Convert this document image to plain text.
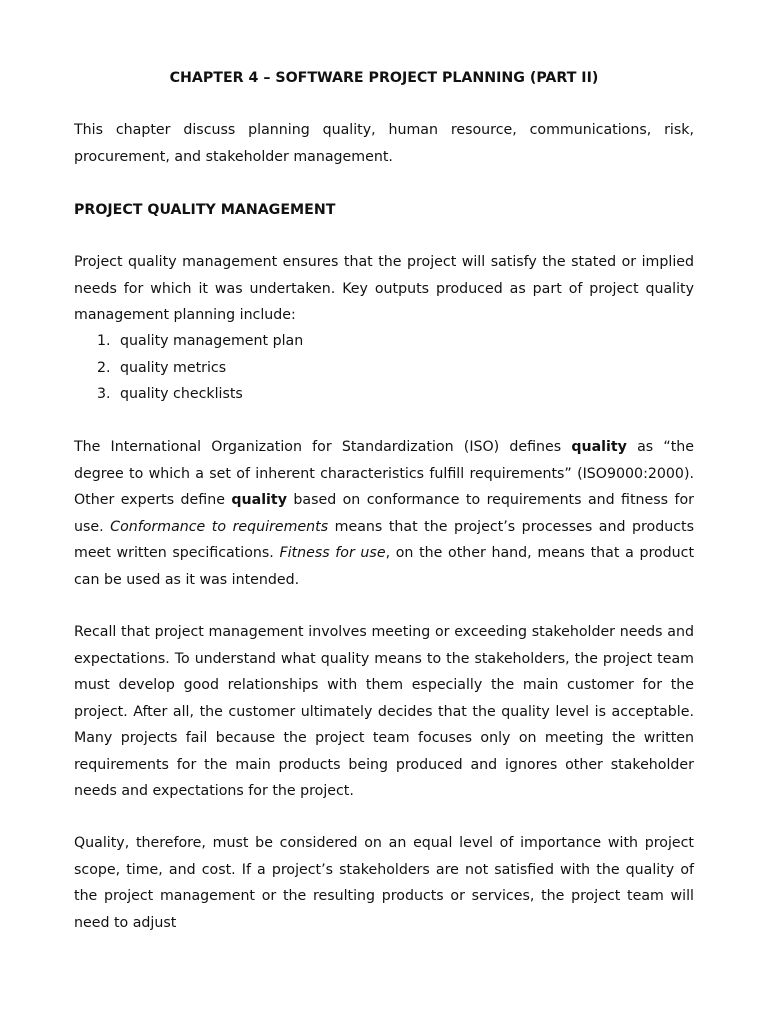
CHAPTER 4 – SOFTWARE PROJECT PLANNING (PART II)

This chapter discuss planning quality, human resource, communications, risk, procurement, and stakeholder management.

PROJECT QUALITY MANAGEMENT

Project quality management ensures that the project will satisfy the stated or implied needs for which it was undertaken. Key outputs produced as part of project quality management planning include:

1. quality management plan
2. quality metrics
3. quality checklists

The International Organization for Standardization (ISO) defines quality as “the degree to which a set of inherent characteristics fulfill requirements” (ISO9000:2000). Other experts define quality based on conformance to requirements and fitness for use. Conformance to requirements means that the project’s processes and products meet written specifications. Fitness for use, on the other hand, means that a product can be used as it was intended.

Recall that project management involves meeting or exceeding stakeholder needs and expectations. To understand what quality means to the stakeholders, the project team must develop good relationships with them especially the main customer for the project. After all, the customer ultimately decides that the quality level is acceptable. Many projects fail because the project team focuses only on meeting the written requirements for the main products being produced and ignores other stakeholder needs and expectations for the project.

Quality, therefore, must be considered on an equal level of importance with project scope, time, and cost. If a project’s stakeholders are not satisfied with the quality of the project management or the resulting products or services, the project team will need to adjust
